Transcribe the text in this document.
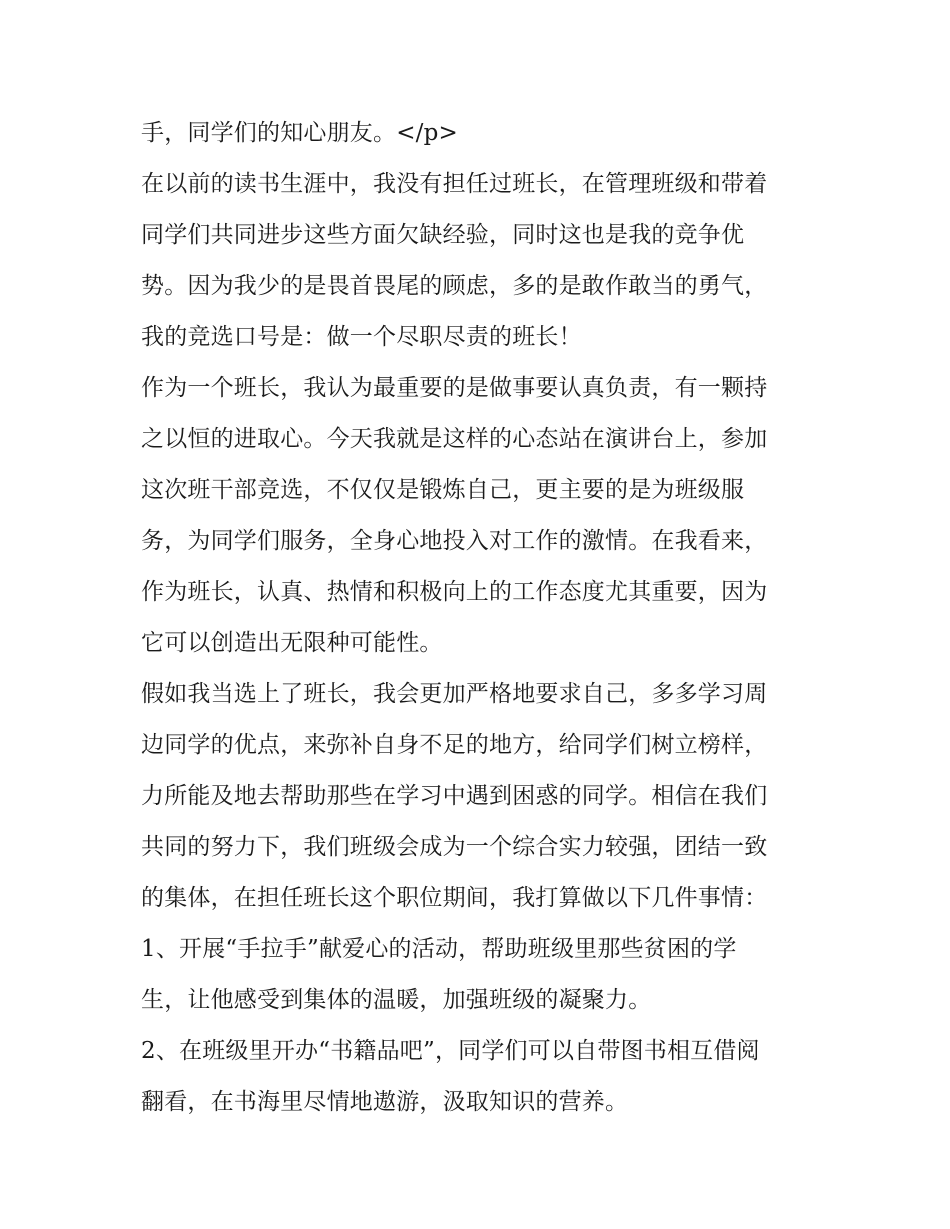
手，同学们的知心朋友。</p>
在以前的读书生涯中，我没有担任过班长，在管理班级和带着
同学们共同进步这些方面欠缺经验，同时这也是我的竞争优
势。因为我少的是畏首畏尾的顾虑，多的是敢作敢当的勇气，
我的竞选口号是：做一个尽职尽责的班长！
作为一个班长，我认为最重要的是做事要认真负责，有一颗持
之以恒的进取心。今天我就是这样的心态站在演讲台上，参加
这次班干部竞选，不仅仅是锻炼自己，更主要的是为班级服
务，为同学们服务，全身心地投入对工作的激情。在我看来，
作为班长，认真、热情和积极向上的工作态度尤其重要，因为
它可以创造出无限种可能性。
假如我当选上了班长，我会更加严格地要求自己，多多学习周
边同学的优点，来弥补自身不足的地方，给同学们树立榜样，
力所能及地去帮助那些在学习中遇到困惑的同学。相信在我们
共同的努力下，我们班级会成为一个综合实力较强，团结一致
的集体，在担任班长这个职位期间，我打算做以下几件事情：
1、开展“手拉手”献爱心的活动，帮助班级里那些贫困的学
生，让他感受到集体的温暖，加强班级的凝聚力。
2、在班级里开办“书籍品吧”，同学们可以自带图书相互借阅
翻看，在书海里尽情地遨游，汲取知识的营养。
